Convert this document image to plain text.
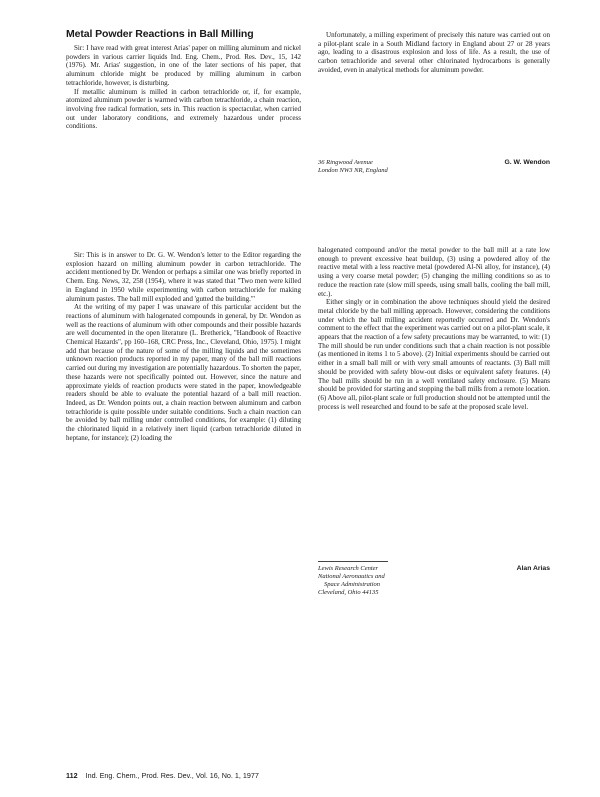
Metal Powder Reactions in Ball Milling

Sir: I have read with great interest Arias' paper on milling aluminum and nickel powders in various carrier liquids Ind. Eng. Chem., Prod. Res. Dev., 15, 142 (1976). Mr. Arias' suggestion, in one of the later sections of his paper, that aluminum chloride might be produced by milling aluminum in carbon tetrachloride, however, is disturbing.

If metallic aluminum is milled in carbon tetrachloride or, if, for example, atomized aluminum powder is warmed with carbon tetrachloride, a chain reaction, involving free radical formation, sets in. This reaction is spectacular, when carried out under laboratory conditions, and extremely hazardous under process conditions.

Unfortunately, a milling experiment of precisely this nature was carried out on a pilot-plant scale in a South Midland factory in England about 27 or 28 years ago, leading to a disastrous explosion and loss of life. As a result, the use of carbon tetrachloride and several other chlorinated hydrocarbons is generally avoided, even in analytical methods for aluminum powder.

36 Ringwood Avenue
London NW3 NR, England
G. W. Wendon

Sir: This is in answer to Dr. G. W. Wendon's letter to the Editor regarding the explosion hazard on milling aluminum powder in carbon tetrachloride. The accident mentioned by Dr. Wendon or perhaps a similar one was briefly reported in Chem. Eng. News, 32, 258 (1954), where it was stated that "Two men were killed in England in 1950 while experimenting with carbon tetrachloride for making aluminum pastes. The ball mill exploded and 'gutted the building.'"

At the writing of my paper I was unaware of this particular accident but the reactions of aluminum with halogenated compounds in general, by Dr. Wendon as well as the reactions of aluminum with other compounds and their possible hazards are well documented in the open literature (L. Bretherick, "Handbook of Reactive Chemical Hazards", pp 160–168, CRC Press, Inc., Cleveland, Ohio, 1975). I might add that because of the nature of some of the milling liquids and the sometimes unknown reaction products reported in my paper, many of the ball mill reactions carried out during my investigation are potentially hazardous. To shorten the paper, these hazards were not specifically pointed out. However, since the nature and approximate yields of reaction products were stated in the paper, knowledgeable readers should be able to evaluate the potential hazard of a ball mill reaction. Indeed, as Dr. Wendon points out, a chain reaction between aluminum and carbon tetrachloride is quite possible under suitable conditions. Such a chain reaction can be avoided by ball milling under controlled conditions, for example: (1) diluting the chlorinated liquid in a relatively inert liquid (carbon tetrachloride diluted in heptane, for instance); (2) loading the

halogenated compound and/or the metal powder to the ball mill at a rate low enough to prevent excessive heat buildup, (3) using a powdered alloy of the reactive metal with a less reactive metal (powdered Al-Ni alloy, for instance), (4) using a very coarse metal powder; (5) changing the milling conditions so as to reduce the reaction rate (slow mill speeds, using small balls, cooling the ball mill, etc.).

Either singly or in combination the above techniques should yield the desired metal chloride by the ball milling approach. However, considering the conditions under which the ball milling accident reportedly occurred and Dr. Wendon's comment to the effect that the experiment was carried out on a pilot-plant scale, it appears that the reaction of a few safety precautions may be warranted, to wit: (1) The mill should be run under conditions such that a chain reaction is not possible (as mentioned in items 1 to 5 above). (2) Initial experiments should be carried out either in a small ball mill or with very small amounts of reactants. (3) Ball mill should be provided with safety blow-out disks or equivalent safety features. (4) The ball mills should be run in a well ventilated safety enclosure. (5) Means should be provided for starting and stopping the ball mills from a remote location. (6) Above all, pilot-plant scale or full production should not be attempted until the process is well researched and found to be safe at the proposed scale level.

Lewis Research Center
National Aeronautics and
Space Administration
Cleveland, Ohio 44135
Alan Arias
112 Ind. Eng. Chem., Prod. Res. Dev., Vol. 16, No. 1, 1977
